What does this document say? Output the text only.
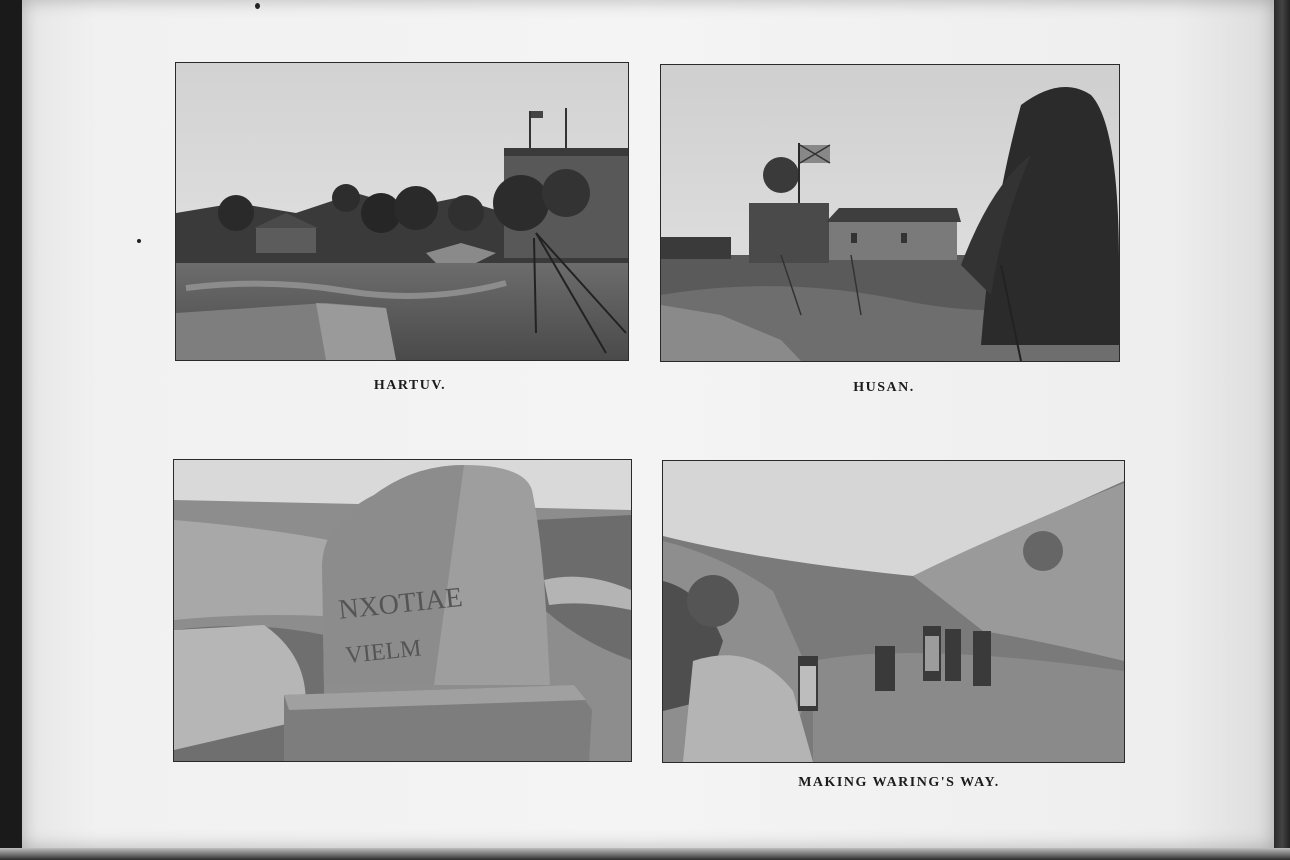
HARTUV.	HUSAN.
NXOTIAE
VIELM
MAKING WARING'S WAY.
